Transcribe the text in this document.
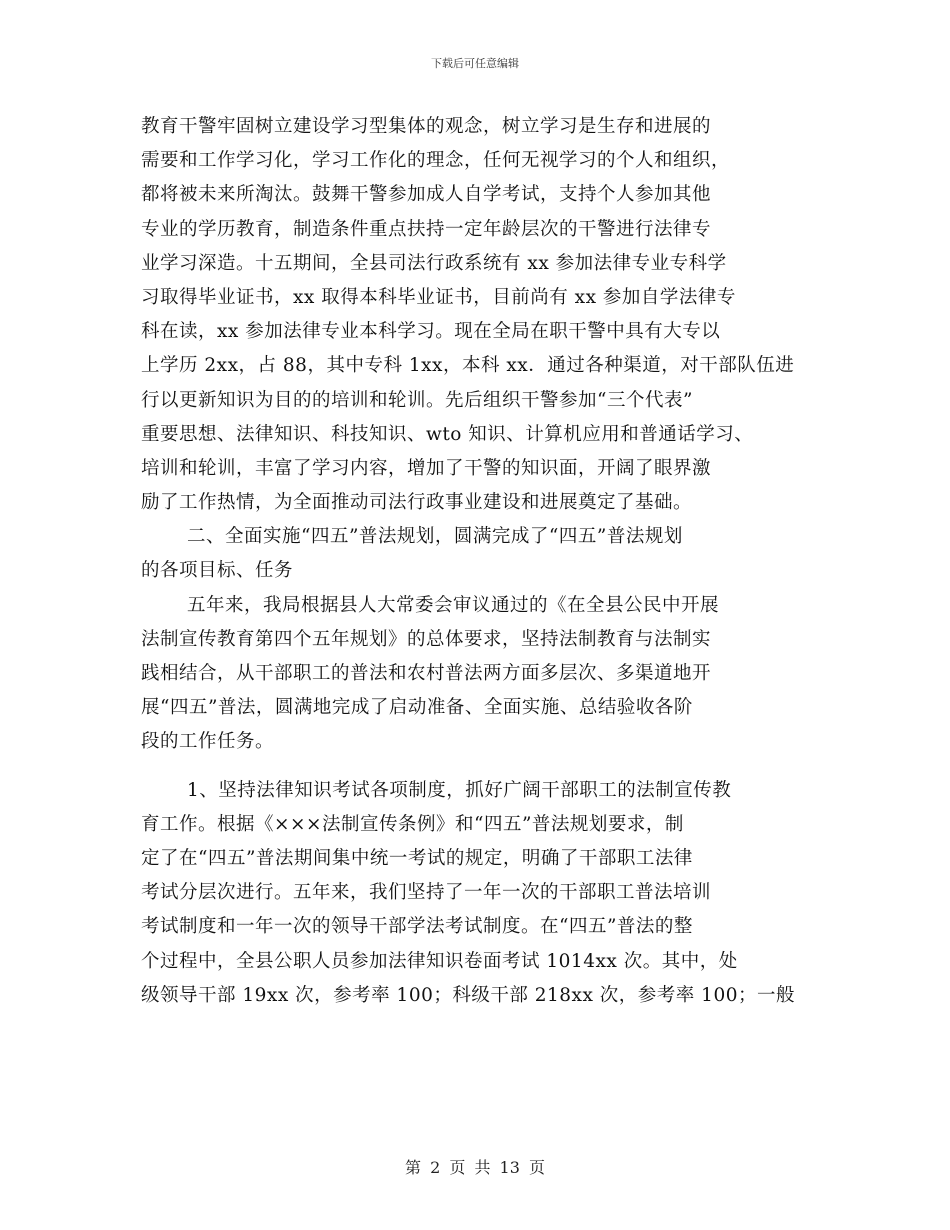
下载后可任意编辑
教育干警牢固树立建设学习型集体的观念，树立学习是生存和进展的
需要和工作学习化，学习工作化的理念，任何无视学习的个人和组织，
都将被未来所淘汰。鼓舞干警参加成人自学考试，支持个人参加其他
专业的学历教育，制造条件重点扶持一定年龄层次的干警进行法律专
业学习深造。十五期间，全县司法行政系统有 xx 参加法律专业专科学
习取得毕业证书，xx 取得本科毕业证书，目前尚有 xx 参加自学法律专
科在读，xx 参加法律专业本科学习。现在全局在职干警中具有大专以
上学历 2xx，占 88，其中专科 1xx，本科 xx．通过各种渠道，对干部队伍进
行以更新知识为目的的培训和轮训。先后组织干警参加“三个代表”
重要思想、法律知识、科技知识、wto 知识、计算机应用和普通话学习、
培训和轮训，丰富了学习内容，增加了干警的知识面，开阔了眼界激
励了工作热情，为全面推动司法行政事业建设和进展奠定了基础。
二、全面实施“四五”普法规划，圆满完成了“四五”普法规划
的各项目标、任务
五年来，我局根据县人大常委会审议通过的《在全县公民中开展
法制宣传教育第四个五年规划》的总体要求，坚持法制教育与法制实
践相结合，从干部职工的普法和农村普法两方面多层次、多渠道地开
展“四五”普法，圆满地完成了启动准备、全面实施、总结验收各阶
段的工作任务。
1、坚持法律知识考试各项制度，抓好广阔干部职工的法制宣传教
育工作。根据《×××法制宣传条例》和“四五”普法规划要求，制
定了在“四五”普法期间集中统一考试的规定，明确了干部职工法律
考试分层次进行。五年来，我们坚持了一年一次的干部职工普法培训
考试制度和一年一次的领导干部学法考试制度。在“四五”普法的整
个过程中，全县公职人员参加法律知识卷面考试 1014xx 次。其中，处
级领导干部 19xx 次，参考率 100；科级干部 218xx 次，参考率 100；一般
第 2 页 共 13 页
